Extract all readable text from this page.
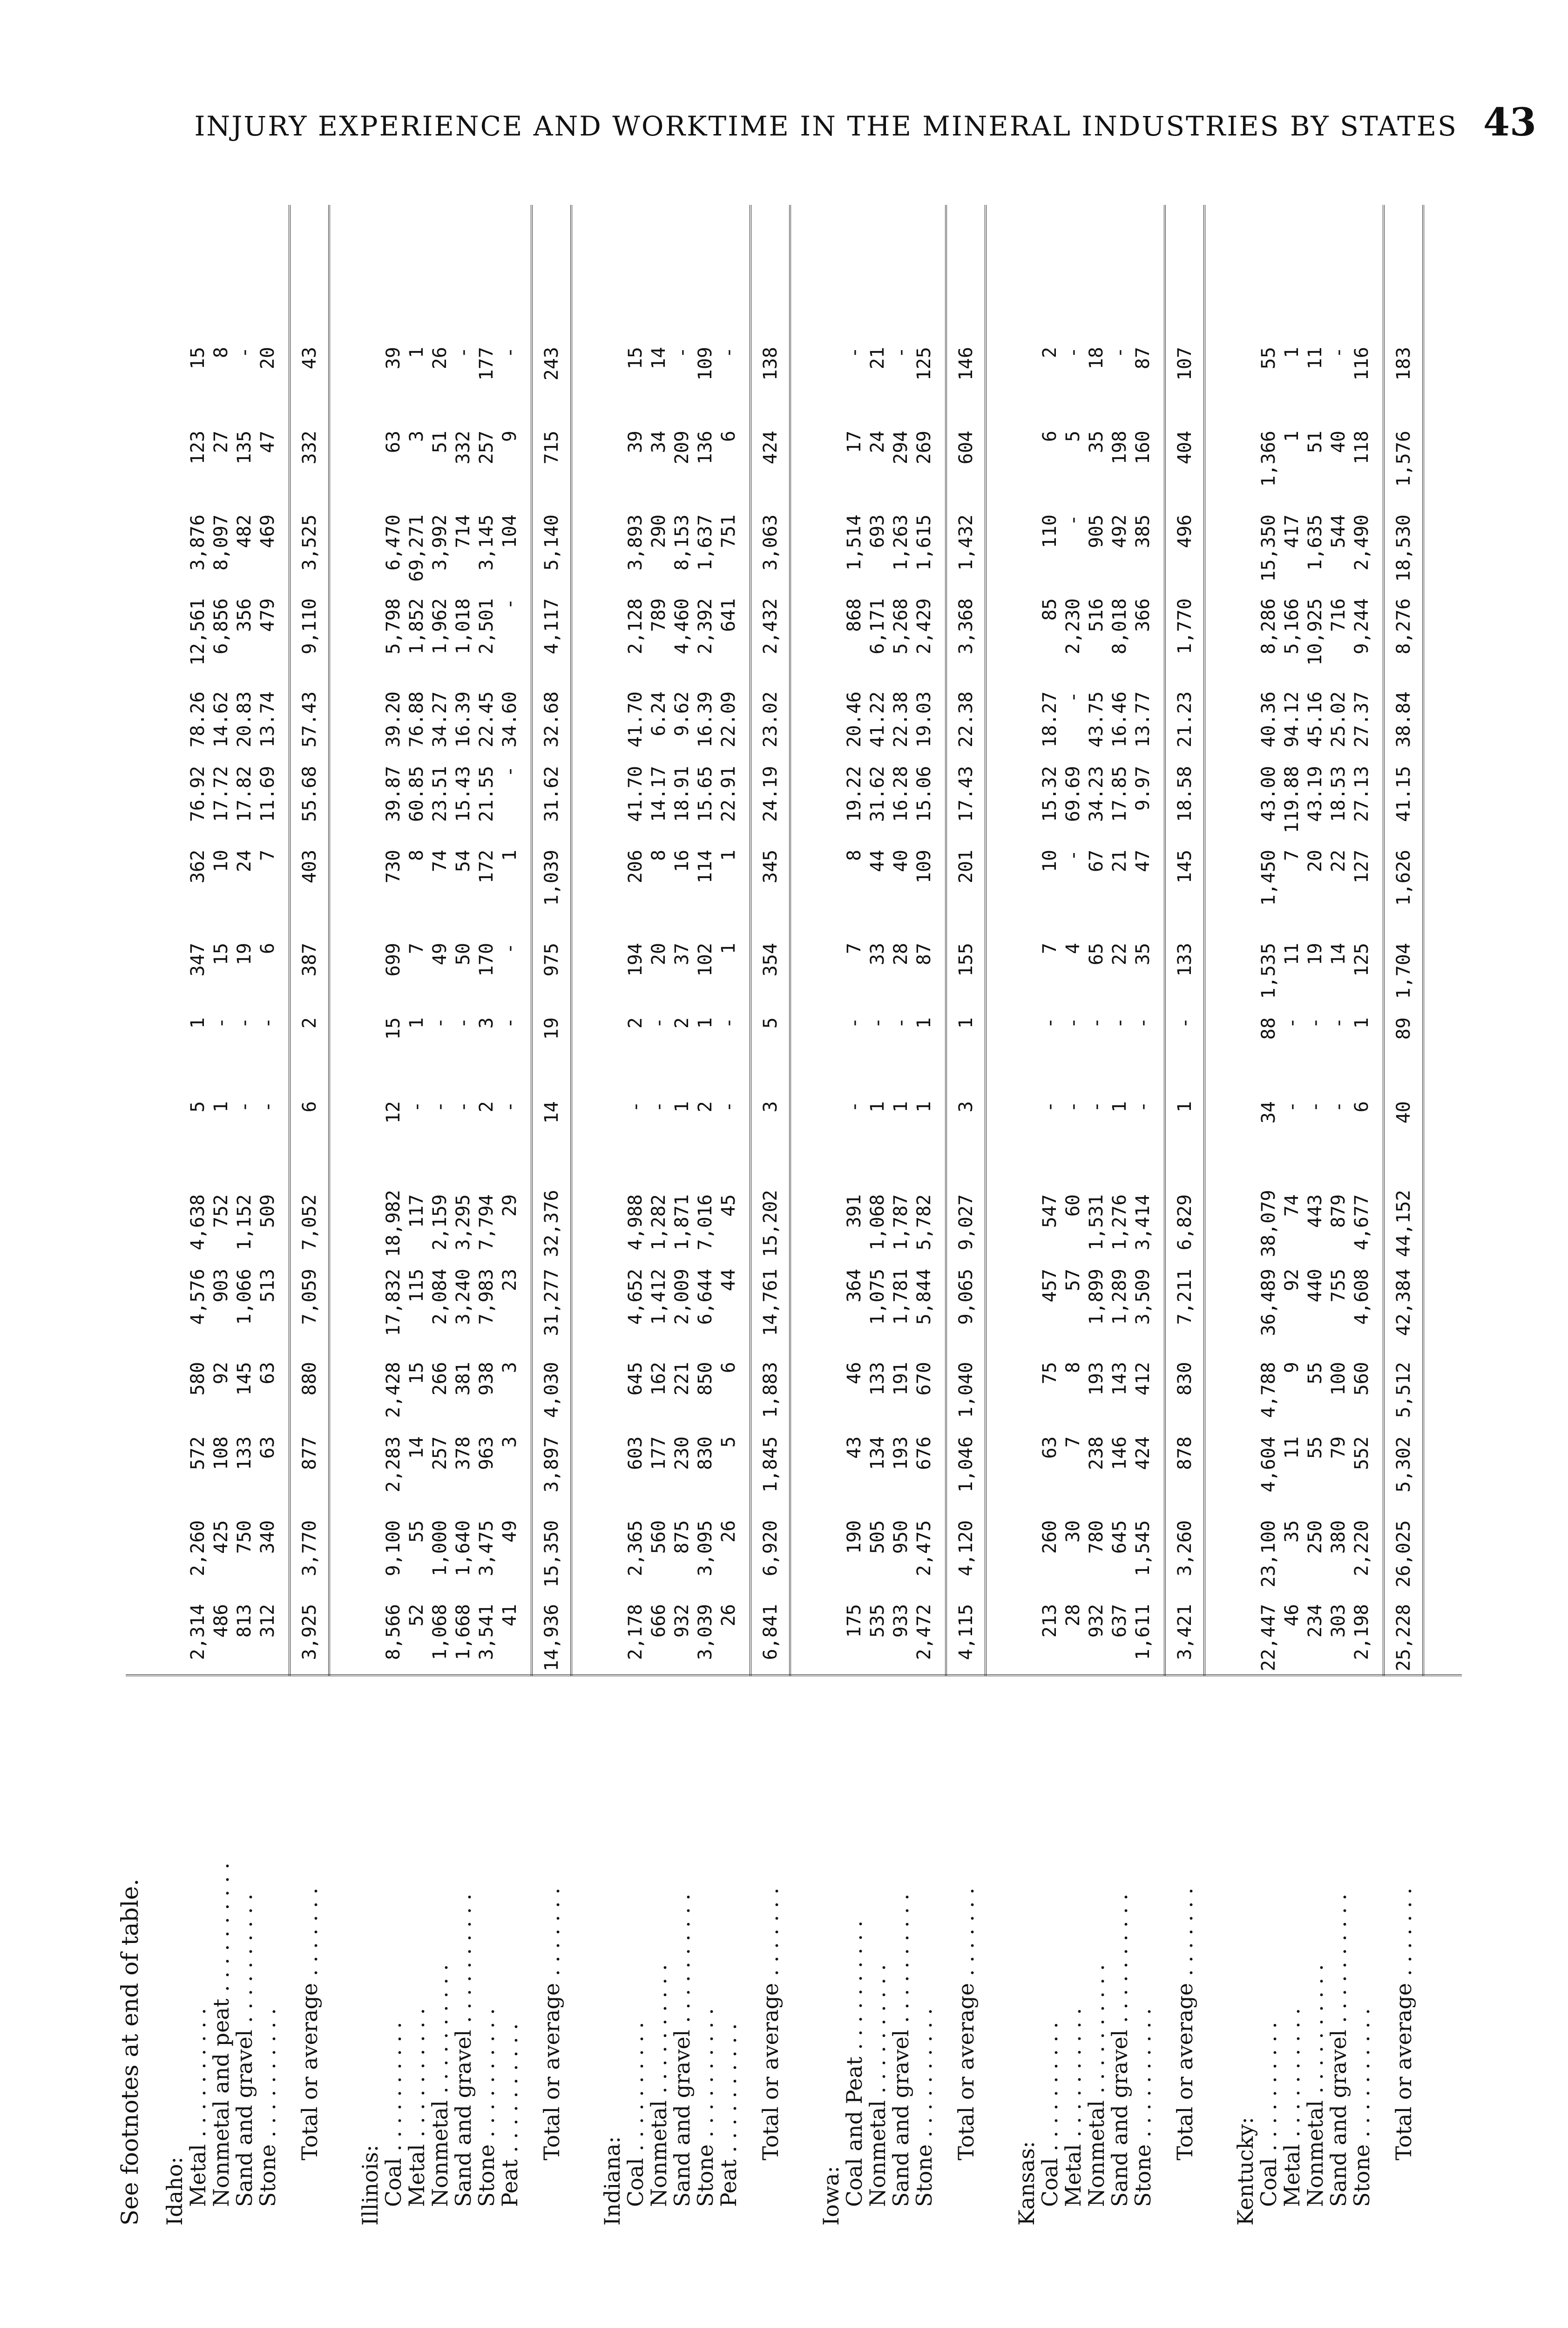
INJURY EXPERIENCE AND WORKTIME IN THE MINERAL INDUSTRIES BY STATES 43
Idaho:
Metal . . . . . . . . . .
Nonmetal and peat . . . . . . . . . .
Sand and gravel . . . . . . . . . .
Stone . . . . . . . . . . Total or average . . . . . . .
Illinois:
Coal . . . . . . . . . .
Metal . . . . . . . . . .
Nonmetal . . . . . . . . . .
Sand and gravel . . . . . . . . . .
Stone . . . . . . . . . .
Peat . . . . . . . . . . Total or average . . . . . . .
Indiana:
Coal . . . . . . . . . .
Nonmetal . . . . . . . . . .
Sand and gravel . . . . . . . . . .
Stone . . . . . . . . . .
Peat . . . . . . . . . . Total or average . . . . . . .
Iowa:
Coal and Peat . . . . . . . . . .
Nonmetal . . . . . . . . . .
Sand and gravel . . . . . . . . . .
Stone . . . . . . . . . . Total or average . . . . . . .
Kansas:
Coal . . . . . . . . . .
Metal . . . . . . . . . .
Nonmetal . . . . . . . . . .
Sand and gravel . . . . . . . . . .
Stone . . . . . . . . . . Total or average . . . . . . .
Kentucky:
Coal . . . . . . . . . .
Metal . . . . . . . . . .
Nonmetal . . . . . . . . . .
Sand and gravel . . . . . . . . . .
Stone . . . . . . . . . . Total or average . . . . . . .
2,314
2,260
572
580
4,576
4,638
5
1
347
362
76.92
78.26
12,561
3,876
123
15
486
425
108
92
903
752
1
-
15
10
17.72
14.62
6,856
8,097
27
8
813
750
133
145
1,066
1,152
-
-
19
24
17.82
20.83
356
482
135
-
312
340
63
63
513
509
-
-
6
7
11.69
13.74
479
469
47
20
3,925
3,770
877
880
7,059
7,052
6
2
387
403
55.68
57.43
9,110
3,525
332
43
8,566
9,100
2,283
2,428
17,832
18,982
12
15
699
730
39.87
39.20
5,798
6,470
63
39
52
55
14
15
115
117
-
1
7
8
60.85
76.88
1,852
69,271
3
1
1,068
1,000
257
266
2,084
2,159
-
-
49
74
23.51
34.27
1,962
3,992
51
26
1,668
1,640
378
381
3,240
3,295
-
-
50
54
15.43
16.39
1,018
714
332
-
3,541
3,475
963
938
7,983
7,794
2
3
170
172
21.55
22.45
2,501
3,145
257
177
41
49
3
3
23
29
-
-
-
1
-
34.60
-
104
9
-
14,936
15,350
3,897
4,030
31,277
32,376
14
19
975
1,039
31.62
32.68
4,117
5,140
715
243
2,178
2,365
603
645
4,652
4,988
-
2
194
206
41.70
41.70
2,128
3,893
39
15
666
560
177
162
1,412
1,282
-
-
20
8
14.17
6.24
789
290
34
14
932
875
230
221
2,009
1,871
1
2
37
16
18.91
9.62
4,460
8,153
209
-
3,039
3,095
830
850
6,644
7,016
2
1
102
114
15.65
16.39
2,392
1,637
136
109
26
26
5
6
44
45
-
-
1
1
22.91
22.09
641
751
6
-
6,841
6,920
1,845
1,883
14,761
15,202
3
5
354
345
24.19
23.02
2,432
3,063
424
138
175
190
43
46
364
391
-
-
7
8
19.22
20.46
868
1,514
17
-
535
505
134
133
1,075
1,068
1
-
33
44
31.62
41.22
6,171
693
24
21
933
950
193
191
1,781
1,787
1
-
28
40
16.28
22.38
5,268
1,263
294
-
2,472
2,475
676
670
5,844
5,782
1
1
87
109
15.06
19.03
2,429
1,615
269
125
4,115
4,120
1,046
1,040
9,065
9,027
3
1
155
201
17.43
22.38
3,368
1,432
604
146
213
260
63
75
457
547
-
-
7
10
15.32
18.27
85
110
6
2
28
30
7
8
57
60
-
-
4
-
69.69
-
2,230
-
5
-
932
780
238
193
1,899
1,531
-
-
65
67
34.23
43.75
516
905
35
18
637
645
146
143
1,289
1,276
1
-
22
21
17.85
16.46
8,018
492
198
-
1,611
1,545
424
412
3,509
3,414
-
-
35
47
9.97
13.77
366
385
160
87
3,421
3,260
878
830
7,211
6,829
1
-
133
145
18.58
21.23
1,770
496
404
107
22,447
23,100
4,604
4,788
36,489
38,079
34
88
1,535
1,450
43.00
40.36
8,286
15,350
1,366
55
46
35
11
9
92
74
-
-
11
7
119.88
94.12
5,166
417
1
1
234
250
55
55
440
443
-
-
19
20
43.19
45.16
10,925
1,635
51
11
303
380
79
100
755
879
-
-
14
22
18.53
25.02
716
544
40
-
2,198
2,220
552
560
4,608
4,677
6
1
125
127
27.13
27.37
9,244
2,490
118
116
25,228
26,025
5,302
5,512
42,384
44,152
40
89
1,704
1,626
41.15
38.84
8,276
18,530
1,576
183
See footnotes at end of table.
